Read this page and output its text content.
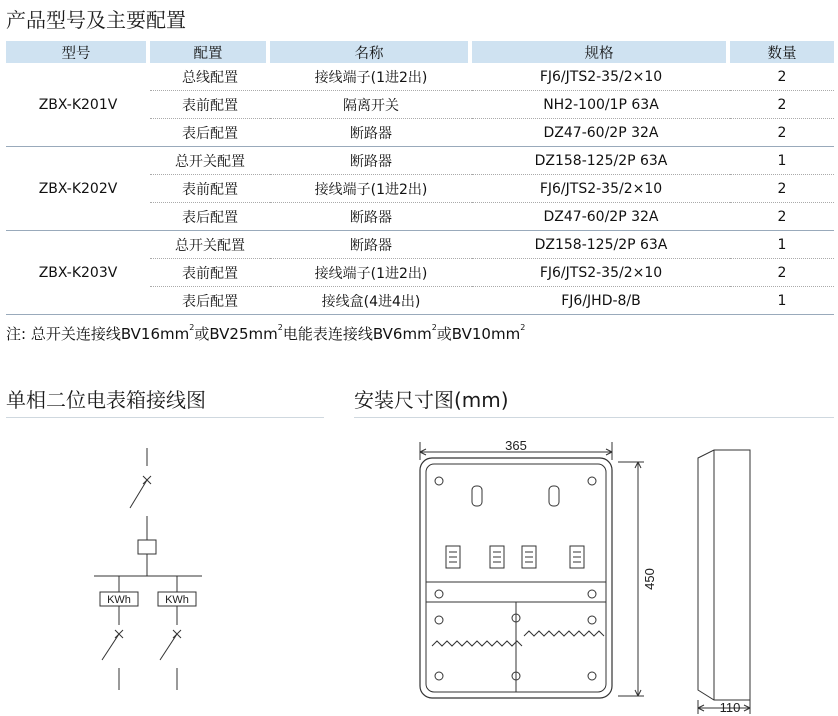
产品型号及主要配置
型号	配置	名称	规格	数量
ZBX-K201V	总线配置	接线端子(1进2出)	FJ6/JTS2-35/2×10	2
	表前配置	隔离开关	NH2-100/1P 63A	2
	表后配置	断路器	DZ47-60/2P 32A	2
ZBX-K202V	总开关配置	断路器	DZ158-125/2P 63A	1
	表前配置	接线端子(1进2出)	FJ6/JTS2-35/2×10	2
	表后配置	断路器	DZ47-60/2P 32A	2
ZBX-K203V	总开关配置	断路器	DZ158-125/2P 63A	1
	表前配置	接线端子(1进2出)	FJ6/JTS2-35/2×10	2
	表后配置	接线盒(4进4出)	FJ6/JHD-8/B	1
注: 总开关连接线$BV16mm^2$或$BV25mm^2$电能表连接线$BV6mm^2$或$BV10mm^2$
单相二位电表箱接线图	安装尺寸图(mm)
KWh	KWh
365
450
110
